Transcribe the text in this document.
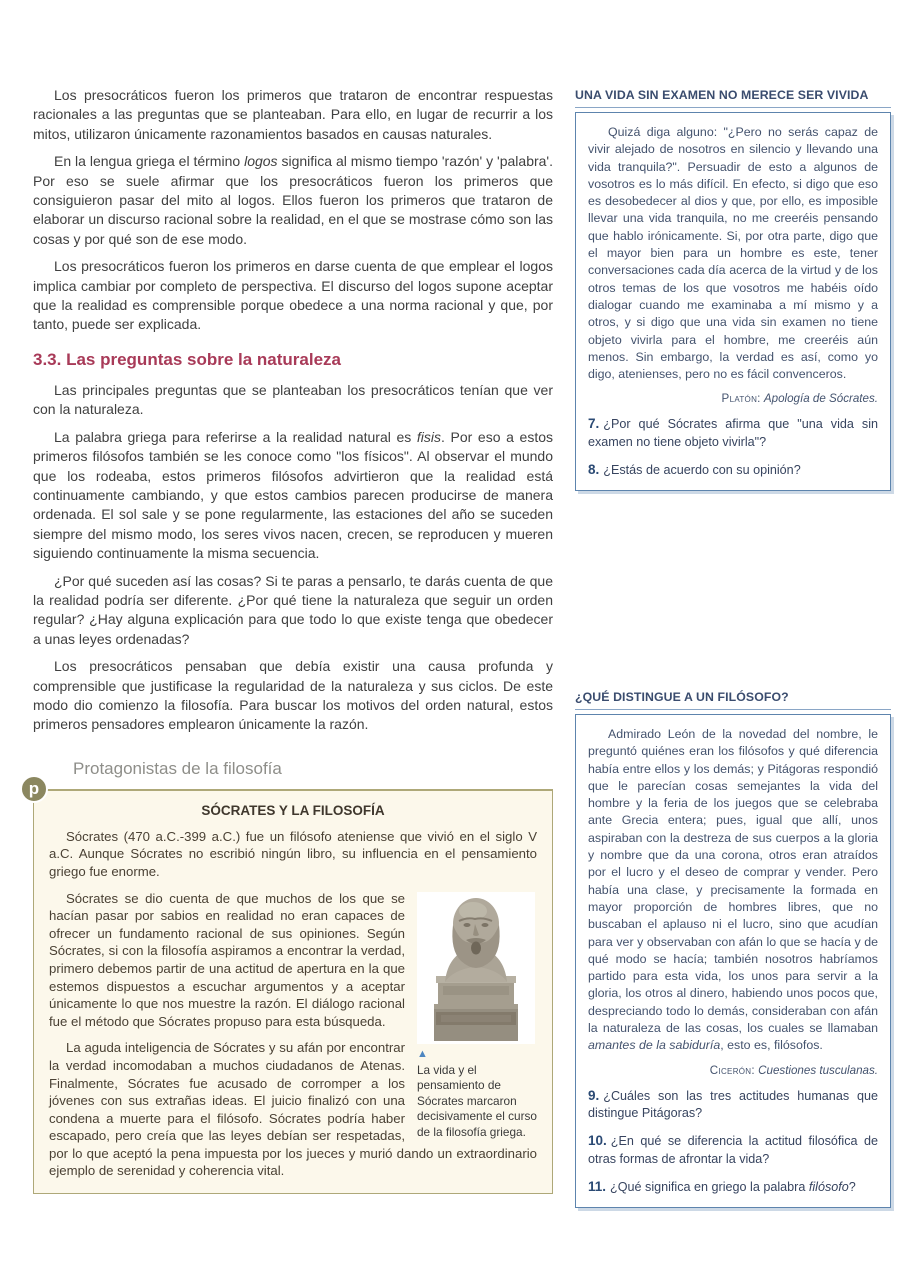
Los presocráticos fueron los primeros que trataron de encontrar respuestas racionales a las preguntas que se planteaban. Para ello, en lugar de recurrir a los mitos, utilizaron únicamente razonamientos basados en causas naturales.

En la lengua griega el término logos significa al mismo tiempo 'razón' y 'palabra'. Por eso se suele afirmar que los presocráticos fueron los primeros que consiguieron pasar del mito al logos. Ellos fueron los primeros que trataron de elaborar un discurso racional sobre la realidad, en el que se mostrase cómo son las cosas y por qué son de ese modo.

Los presocráticos fueron los primeros en darse cuenta de que emplear el logos implica cambiar por completo de perspectiva. El discurso del logos supone aceptar que la realidad es comprensible porque obedece a una norma racional y que, por tanto, puede ser explicada.

3.3. Las preguntas sobre la naturaleza

Las principales preguntas que se planteaban los presocráticos tenían que ver con la naturaleza.

La palabra griega para referirse a la realidad natural es fisis. Por eso a estos primeros filósofos también se les conoce como "los físicos". Al observar el mundo que los rodeaba, estos primeros filósofos advirtieron que la realidad está continuamente cambiando, y que estos cambios parecen producirse de manera ordenada. El sol sale y se pone regularmente, las estaciones del año se suceden siempre del mismo modo, los seres vivos nacen, crecen, se reproducen y mueren siguiendo continuamente la misma secuencia.

¿Por qué suceden así las cosas? Si te paras a pensarlo, te darás cuenta de que la realidad podría ser diferente. ¿Por qué tiene la naturaleza que seguir un orden regular? ¿Hay alguna explicación para que todo lo que existe tenga que obedecer a unas leyes ordenadas?

Los presocráticos pensaban que debía existir una causa profunda y comprensible que justificase la regularidad de la naturaleza y sus ciclos. De este modo dio comienzo la filosofía. Para buscar los motivos del orden natural, estos primeros pensadores emplearon únicamente la razón.

p
Protagonistas de la filosofía
SÓCRATES Y LA FILOSOFÍA

Sócrates (470 a.C.-399 a.C.) fue un filósofo ateniense que vivió en el siglo V a.C. Aunque Sócrates no escribió ningún libro, su influencia en el pensamiento griego fue enorme.

▲
La vida y el pensamiento de Sócrates marcaron decisivamente el curso de la filosofía griega.

Sócrates se dio cuenta de que muchos de los que se hacían pasar por sabios en realidad no eran capaces de ofrecer un fundamento racional de sus opiniones. Según Sócrates, si con la filosofía aspiramos a encontrar la verdad, primero debemos partir de una actitud de apertura en la que estemos dispuestos a escuchar argumentos y a aceptar únicamente lo que nos muestre la razón. El diálogo racional fue el método que Sócrates propuso para esta búsqueda.

La aguda inteligencia de Sócrates y su afán por encontrar la verdad incomodaban a muchos ciudadanos de Atenas. Finalmente, Sócrates fue acusado de corromper a los jóvenes con sus extrañas ideas. El juicio finalizó con una condena a muerte para el filósofo. Sócrates podría haber escapado, pero creía que las leyes debían ser respetadas, por lo que aceptó la pena impuesta por los jueces y murió dando un extraordinario ejemplo de serenidad y coherencia vital.

UNA VIDA SIN EXAMEN NO MERECE SER VIVIDA

Quizá diga alguno: "¿Pero no serás capaz de vivir alejado de nosotros en silencio y llevando una vida tranquila?". Persuadir de esto a algunos de vosotros es lo más difícil. En efecto, si digo que eso es desobedecer al dios y que, por ello, es imposible llevar una vida tranquila, no me creeréis pensando que hablo irónicamente. Si, por otra parte, digo que el mayor bien para un hombre es este, tener conversaciones cada día acerca de la virtud y de los otros temas de los que vosotros me habéis oído dialogar cuando me examinaba a mí mismo y a otros, y si digo que una vida sin examen no tiene objeto vivirla para el hombre, me creeréis aún menos. Sin embargo, la verdad es así, como yo digo, atenienses, pero no es fácil convenceros.

Platón: Apología de Sócrates.

7. ¿Por qué Sócrates afirma que "una vida sin examen no tiene objeto vivirla"?

8. ¿Estás de acuerdo con su opinión?

¿QUÉ DISTINGUE A UN FILÓSOFO?

Admirado León de la novedad del nombre, le preguntó quiénes eran los filósofos y qué diferencia había entre ellos y los demás; y Pitágoras respondió que le parecían cosas semejantes la vida del hombre y la feria de los juegos que se celebraba ante Grecia entera; pues, igual que allí, unos aspiraban con la destreza de sus cuerpos a la gloria y nombre que da una corona, otros eran atraídos por el lucro y el deseo de comprar y vender. Pero había una clase, y precisamente la formada en mayor proporción de hombres libres, que no buscaban el aplauso ni el lucro, sino que acudían para ver y observaban con afán lo que se hacía y de qué modo se hacía; también nosotros habríamos partido para esta vida, los unos para servir a la gloria, los otros al dinero, habiendo unos pocos que, despreciando todo lo demás, consideraban con afán la naturaleza de las cosas, los cuales se llamaban amantes de la sabiduría, esto es, filósofos.

Cicerón: Cuestiones tusculanas.

9. ¿Cuáles son las tres actitudes humanas que distingue Pitágoras?

10. ¿En qué se diferencia la actitud filosófica de otras formas de afrontar la vida?

11. ¿Qué significa en griego la palabra filósofo?
